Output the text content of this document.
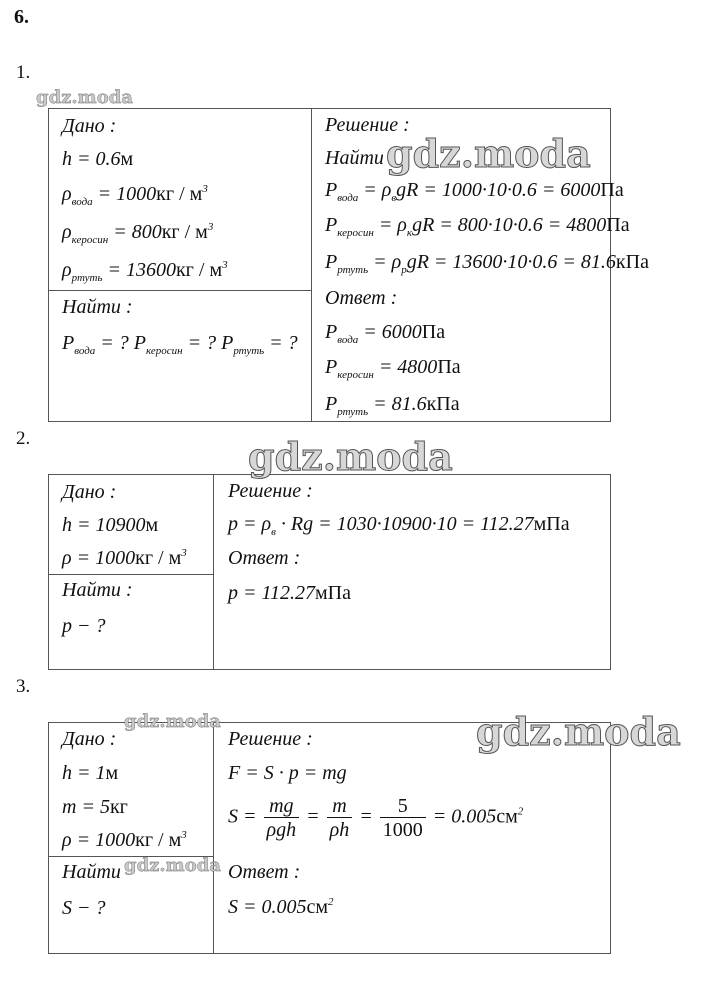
6.
1.
Дано :
h = 0.6м
$\rho_{вода} = 1000кг / м^3$
$\rho_{керосин} = 800кг / м^3$
$\rho_{ртуть} = 13600кг / м^3$
Найти :
$P_{вода}$ = ? $P_{керосин}$ = ? $P_{ртуть}$ = ?
Решение :
Найти
$P_{вода} = \rho_вgR = 1000\cdot 10\cdot 0.6 = 6000Па$
$P_{керосин} = \rho_кgR = 800\cdot 10\cdot 0.6 = 4800Па$
$P_{ртуть} = \rho_рgR = 13600\cdot 10\cdot 0.6 = 81.6кПа$
Ответ :
$P_{вода} = 6000Па$
$P_{керосин} = 4800Па$
$P_{ртуть} = 81.6кПа$
2.
Дано :
h = 10900м
$\rho = 1000кг / м^3$
Найти :
p − ?
Решение :
$p = \rho_в \cdot Rg = 1030\cdot 10900\cdot 10 = 112.27мПа$
Ответ :
p = 112.27мПа
3.
Дано :
h = 1м
m = 5кг
$\rho = 1000кг / м^3$
Найти
S − ?
Решение :
F = S · p = mg
$S = \frac{mg}{\text{ρgh}} = \frac{m}{\rho h} = \frac{5}{1000} = 0.005см^2$
Ответ :
$S = 0.005см^2$
gdz.moda
gdz.moda
gdz.moda
gdz.moda	gdz.moda
gdz.moda
